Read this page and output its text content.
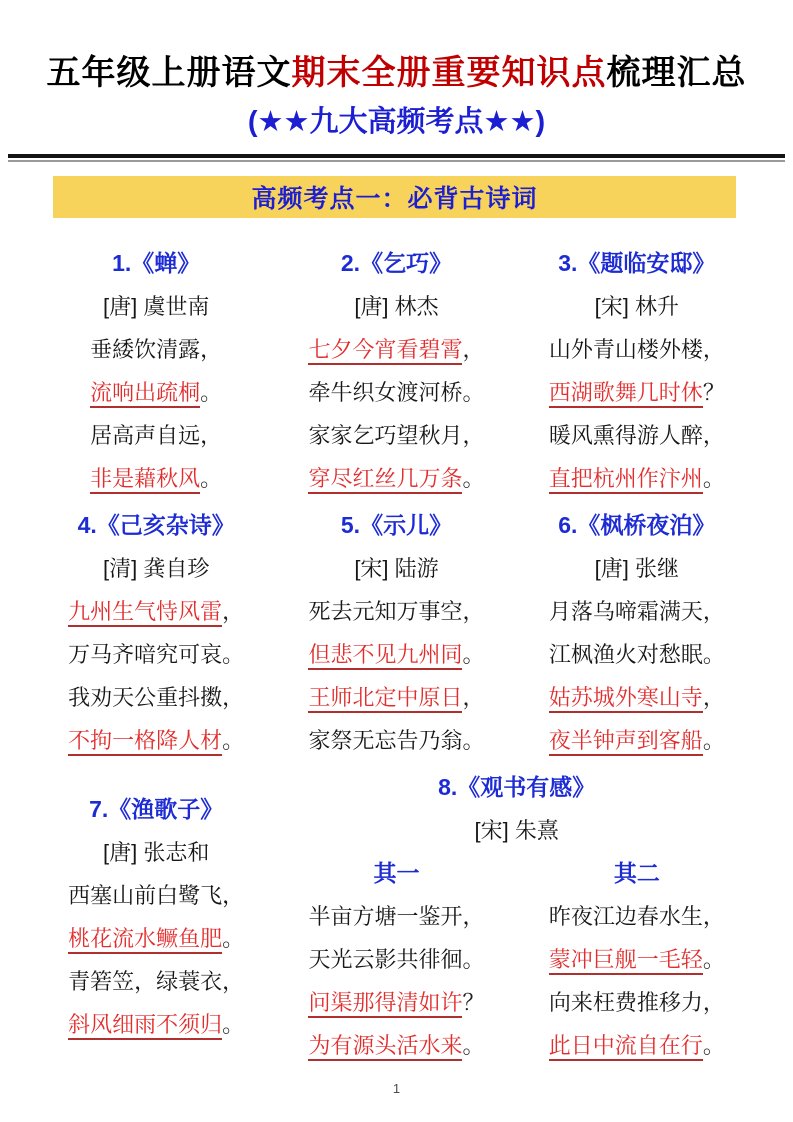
五年级上册语文期末全册重要知识点梳理汇总
(★★九大高频考点★★)
高频考点一：必背古诗词
1.《蝉》
[唐] 虞世南
垂緌饮清露，
流响出疏桐。
居高声自远，
非是藉秋风。
2.《乞巧》
[唐] 林杰
七夕今宵看碧霄，
牵牛织女渡河桥。
家家乞巧望秋月，
穿尽红丝几万条。
3.《题临安邸》
[宋] 林升
山外青山楼外楼，
西湖歌舞几时休？
暖风熏得游人醉，
直把杭州作汴州。
4.《己亥杂诗》
[清] 龚自珍
九州生气恃风雷，
万马齐喑究可哀。
我劝天公重抖擞，
不拘一格降人材。
5.《示儿》
[宋] 陆游
死去元知万事空，
但悲不见九州同。
王师北定中原日，
家祭无忘告乃翁。
6.《枫桥夜泊》
[唐] 张继
月落乌啼霜满天，
江枫渔火对愁眠。
姑苏城外寒山寺，
夜半钟声到客船。
7.《渔歌子》
[唐] 张志和
西塞山前白鹭飞，
桃花流水鳜鱼肥。
青箬笠，绿蓑衣，
斜风细雨不须归。
8.《观书有感》
[宋] 朱熹
其一
半亩方塘一鉴开，
天光云影共徘徊。
问渠那得清如许？
为有源头活水来。
其二
昨夜江边春水生，
蒙冲巨舰一毛轻。
向来枉费推移力，
此日中流自在行。
1
